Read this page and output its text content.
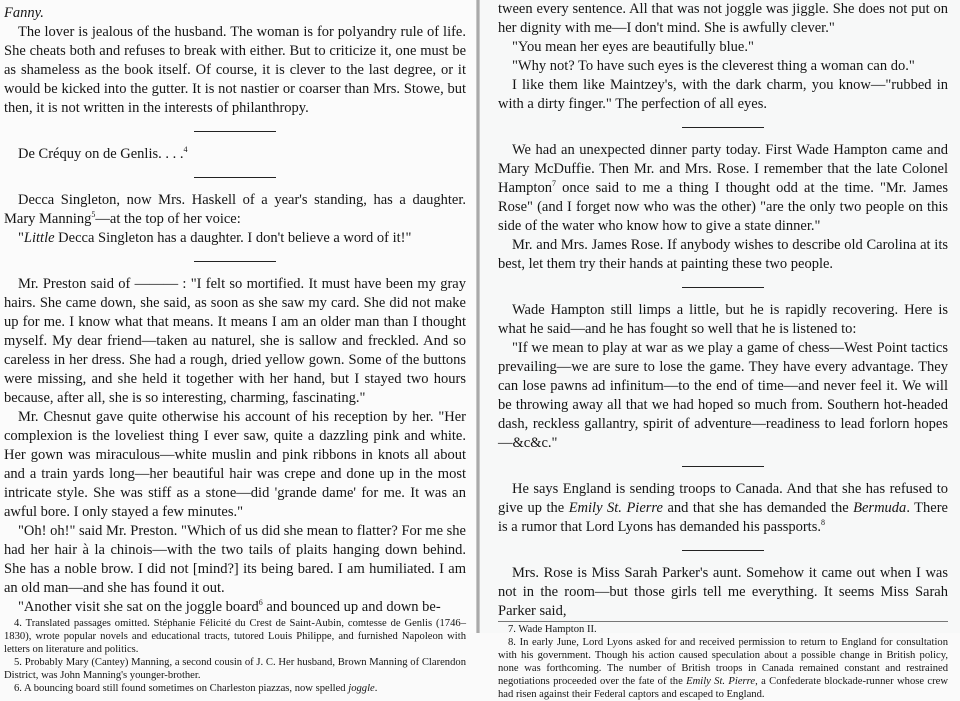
Fanny.

The lover is jealous of the husband. The woman is for polyandry rule of life. She cheats both and refuses to break with either. But to criticize it, one must be as shameless as the book itself. Of course, it is clever to the last degree, or it would be kicked into the gutter. It is not nastier or coarser than Mrs. Stowe, but then, it is not written in the interests of philanthropy.

De Créquy on de Genlis. . . .$^4$

Decca Singleton, now Mrs. Haskell of a year's standing, has a daughter. Mary Manning$^5$—at the top of her voice:

"Little Decca Singleton has a daughter. I don't believe a word of it!"

Mr. Preston said of ——— : "I felt so mortified. It must have been my gray hairs. She came down, she said, as soon as she saw my card. She did not make up for me. I know what that means. It means I am an older man than I thought myself. My dear friend—taken au naturel, she is sallow and freckled. And so careless in her dress. She had a rough, dried yellow gown. Some of the buttons were missing, and she held it together with her hand, but I stayed two hours because, after all, she is so interesting, charming, fascinating."

Mr. Chesnut gave quite otherwise his account of his reception by her. "Her complexion is the loveliest thing I ever saw, quite a dazzling pink and white. Her gown was miraculous—white muslin and pink ribbons in knots all about and a train yards long—her beautiful hair was crepe and done up in the most intricate style. She was stiff as a stone—did 'grande dame' for me. It was an awful bore. I only stayed a few minutes."

"Oh! oh!" said Mr. Preston. "Which of us did she mean to flatter? For me she had her hair à la chinois—with the two tails of plaits hanging down behind. She has a noble brow. I did not [mind?] its being bared. I am humiliated. I am an old man—and she has found it out.

"Another visit she sat on the joggle board$^6$ and bounced up and down be-

4. Translated passages omitted. Stéphanie Félicité du Crest de Saint-Aubin, comtesse de Genlis (1746–1830), wrote popular novels and educational tracts, tutored Louis Philippe, and furnished Napoleon with letters on literature and politics.

5. Probably Mary (Cantey) Manning, a second cousin of J. C. Her husband, Brown Manning of Clarendon District, was John Manning's younger-brother.

6. A bouncing board still found sometimes on Charleston piazzas, now spelled joggle.

tween every sentence. All that was not joggle was jiggle. She does not put on her dignity with me—I don't mind. She is awfully clever."

"You mean her eyes are beautifully blue."

"Why not? To have such eyes is the cleverest thing a woman can do."

I like them like Maintzey's, with the dark charm, you know—"rubbed in with a dirty finger." The perfection of all eyes.

We had an unexpected dinner party today. First Wade Hampton came and Mary McDuffie. Then Mr. and Mrs. Rose. I remember that the late Colonel Hampton$^7$ once said to me a thing I thought odd at the time. "Mr. James Rose" (and I forget now who was the other) "are the only two people on this side of the water who know how to give a state dinner."

Mr. and Mrs. James Rose. If anybody wishes to describe old Carolina at its best, let them try their hands at painting these two people.

Wade Hampton still limps a little, but he is rapidly recovering. Here is what he said—and he has fought so well that he is listened to:

"If we mean to play at war as we play a game of chess—West Point tactics prevailing—we are sure to lose the game. They have every advantage. They can lose pawns ad infinitum—to the end of time—and never feel it. We will be throwing away all that we had hoped so much from. Southern hot-headed dash, reckless gallantry, spirit of adventure—readiness to lead forlorn hopes—&c&c."

He says England is sending troops to Canada. And that she has refused to give up the Emily St. Pierre and that she has demanded the Bermuda. There is a rumor that Lord Lyons has demanded his passports.$^8$

Mrs. Rose is Miss Sarah Parker's aunt. Somehow it came out when I was not in the room—but those girls tell me everything. It seems Miss Sarah Parker said,

7. Wade Hampton II.

8. In early June, Lord Lyons asked for and received permission to return to England for consultation with his government. Though his action caused speculation about a possible change in British policy, none was forthcoming. The number of British troops in Canada remained constant and restrained negotiations proceeded over the fate of the Emily St. Pierre, a Confederate blockade-runner whose crew had risen against their Federal captors and escaped to England.
